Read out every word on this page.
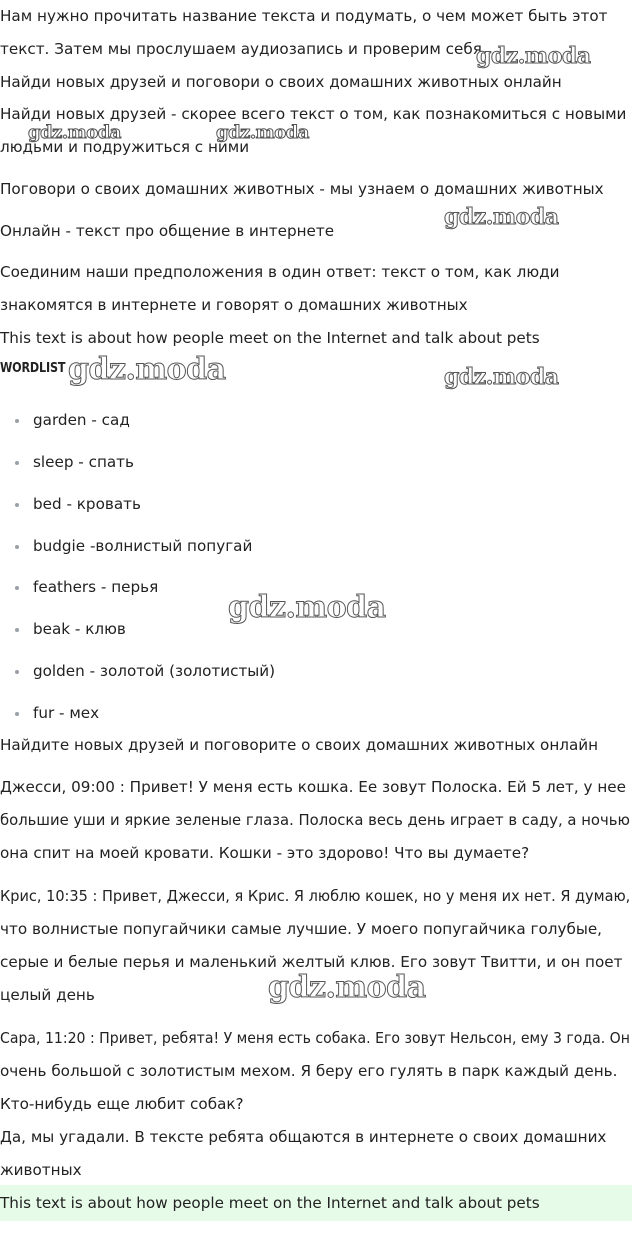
Нам нужно прочитать название текста и подумать, о чем может быть этот
текст. Затем мы прослушаем аудиозапись и проверим себя
Найди новых друзей и поговори о своих домашних животных онлайн
Найди новых друзей - скорее всего текст о том, как познакомиться с новыми
людьми и подружиться с ними
Поговори о своих домашних животных - мы узнаем о домашних животных
Онлайн - текст про общение в интернете
Соединим наши предположения в один ответ: текст о том, как люди
знакомятся в интернете и говорят о домашних животных
This text is about how people meet on the Internet and talk about pets
WORDLIST
garden - сад
sleep - спать
bed - кровать
budgie -волнистый попугай
feathers - перья
beak - клюв
golden - золотой (золотистый)
fur - мех
Найдите новых друзей и поговорите о своих домашних животных онлайн
Джесси, 09:00 : Привет! У меня есть кошка. Ее зовут Полоска. Ей 5 лет, у нее
большие уши и яркие зеленые глаза. Полоска весь день играет в саду, а ночью
она спит на моей кровати. Кошки - это здорово! Что вы думаете?
Крис, 10:35 : Привет, Джесси, я Крис. Я люблю кошек, но у меня их нет. Я думаю,
что волнистые попугайчики самые лучшие. У моего попугайчика голубые,
серые и белые перья и маленький желтый клюв. Его зовут Твитти, и он поет
целый день
Сара, 11:20 : Привет, ребята! У меня есть собака. Его зовут Нельсон, ему 3 года. Он
очень большой с золотистым мехом. Я беру его гулять в парк каждый день.
Кто-нибудь еще любит собак?
Да, мы угадали. В тексте ребята общаются в интернете о своих домашних
животных
This text is about how people meet on the Internet and talk about pets
gdz.moda
gdz.moda	gdz.moda
gdz.moda
gdz.moda	gdz.moda
gdz.moda
gdz.moda
